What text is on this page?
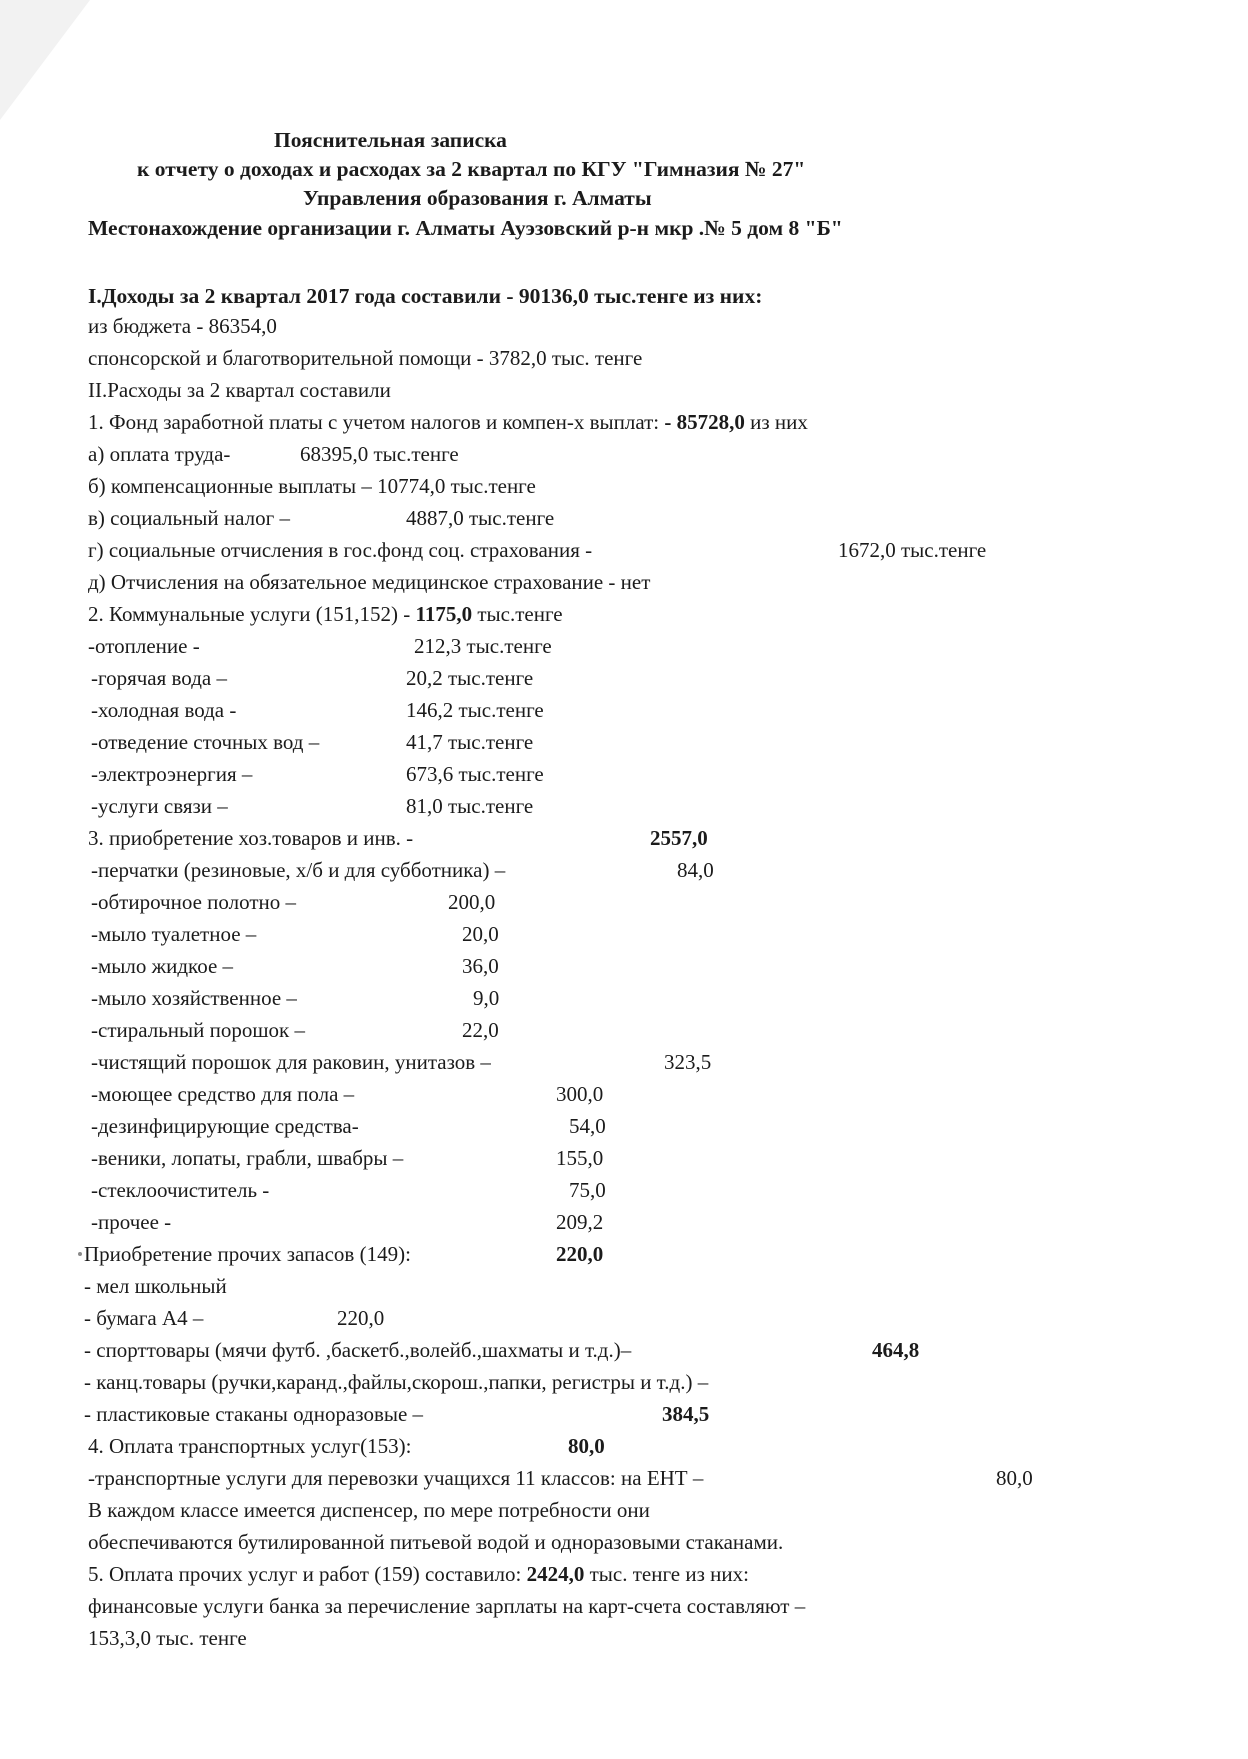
Пояснительная записка
к отчету о доходах и расходах за 2 квартал по КГУ "Гимназия № 27"
Управления образования г. Алматы
Местонахождение организации г. Алматы Ауэзовский р-н мкр .№ 5 дом 8 "Б"
I.Доходы за 2 квартал 2017 года составили - 90136,0 тыс.тенге из них:
из бюджета - 86354,0
спонсорской и благотворительной помощи - 3782,0 тыс. тенге
II.Расходы за 2 квартал составили
1. Фонд заработной платы с учетом налогов и компен-х выплат: - 85728,0 из них
а) оплата труда-	68395,0 тыс.тенге
б) компенсационные выплаты – 10774,0 тыс.тенге
в) социальный налог –	4887,0 тыс.тенге
г) социальные отчисления в гос.фонд соц. страхования -	1672,0 тыс.тенге
д) Отчисления на обязательное медицинское страхование - нет
2. Коммунальные услуги (151,152) - 1175,0 тыс.тенге
-отопление -	212,3 тыс.тенге
-горячая вода –	20,2 тыс.тенге
-холодная вода -	146,2 тыс.тенге
-отведение сточных вод –	41,7 тыс.тенге
-электроэнергия –	673,6 тыс.тенге
-услуги связи –	81,0 тыс.тенге
3. приобретение хоз.товаров и инв. -	2557,0
-перчатки (резиновые, х/б и для субботника) –	84,0
-обтирочное полотно –	200,0
-мыло туалетное –	20,0
-мыло жидкое –	36,0
-мыло хозяйственное –	9,0
-стиральный порошок –	22,0
-чистящий порошок для раковин, унитазов –	323,5
-моющее средство для пола –	300,0
-дезинфицирующие средства-	54,0
-веники, лопаты, грабли, швабры –	155,0
-стеклоочиститель -	75,0
-прочее -	209,2
Приобретение прочих запасов (149):	220,0
- мел школьный
- бумага А4 –	220,0
- спорттовары (мячи футб. ,баскетб.,волейб.,шахматы и т.д.)–	464,8
- канц.товары (ручки,каранд.,файлы,скорош.,папки, регистры и т.д.) –
- пластиковые стаканы одноразовые –	384,5
4. Оплата транспортных услуг(153):	80,0
-транспортные услуги для перевозки учащихся 11 классов: на ЕНТ –	80,0
В каждом классе имеется диспенсер, по мере потребности они
обеспечиваются бутилированной питьевой водой и одноразовыми стаканами.
5. Оплата прочих услуг и работ (159) составило: 2424,0 тыс. тенге из них:
финансовые услуги банка за перечисление зарплаты на карт-счета составляют –
153,3,0 тыс. тенге
